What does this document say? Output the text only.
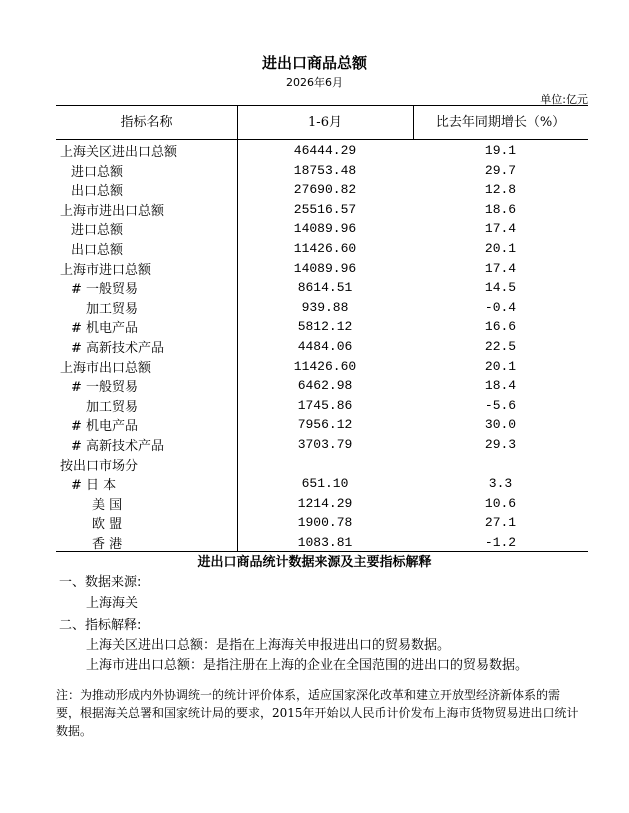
进出口商品总额
2026年6月
单位:亿元
指标名称	1-6月	比去年同期增长（%）
上海关区进出口总额	46444.29	19.1
进口总额	18753.48	29.7
出口总额	27690.82	12.8
上海市进出口总额	25516.57	18.6
进口总额	14089.96	17.4
出口总额	11426.60	20.1
上海市进口总额	14089.96	17.4
# 一般贸易	8614.51	14.5
加工贸易	939.88	-0.4
# 机电产品	5812.12	16.6
# 高新技术产品	4484.06	22.5
上海市出口总额	11426.60	20.1
# 一般贸易	6462.98	18.4
加工贸易	1745.86	-5.6
# 机电产品	7956.12	30.0
# 高新技术产品	3703.79	29.3
按出口市场分
# 日 本	651.10	3.3
美 国	1214.29	10.6
欧 盟	1900.78	27.1
香 港	1083.81	-1.2
进出口商品统计数据来源及主要指标解释
一、数据来源:
上海海关
二、指标解释:
上海关区进出口总额：是指在上海海关申报进出口的贸易数据。
上海市进出口总额：是指注册在上海的企业在全国范围的进出口的贸易数据。
注：为推动形成内外协调统一的统计评价体系，适应国家深化改革和建立开放型经济新体系的需要，根据海关总署和国家统计局的要求，2015年开始以人民币计价发布上海市货物贸易进出口统计数据。
